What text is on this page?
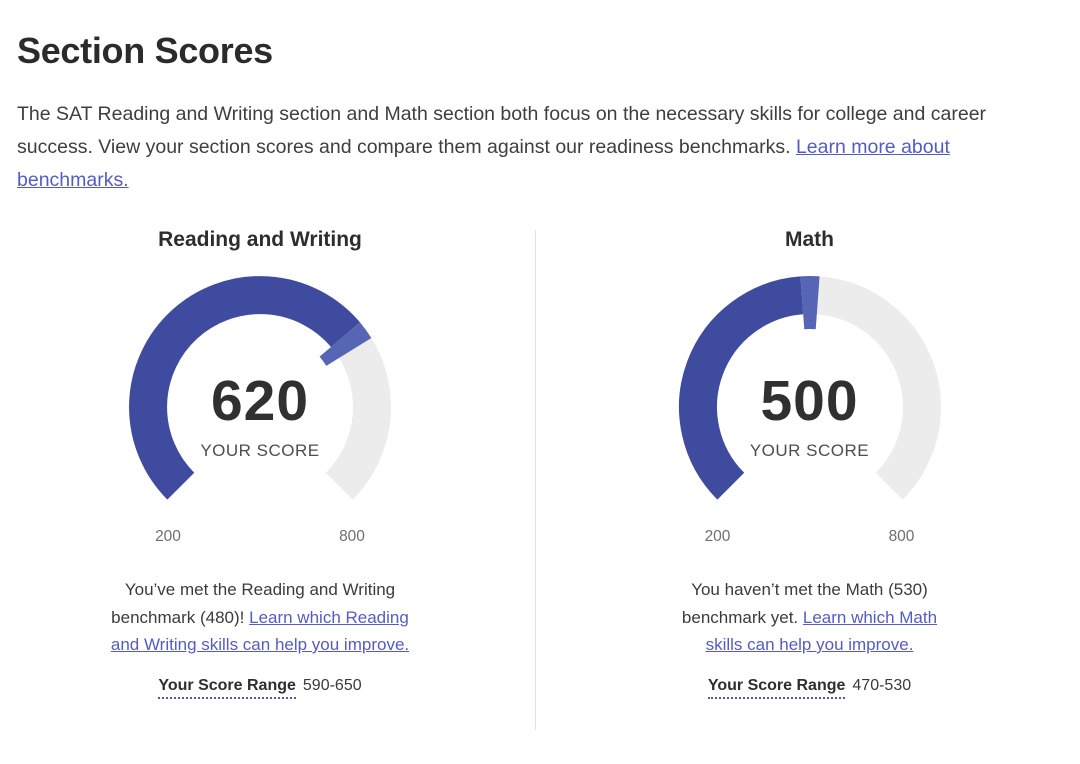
Section Scores

The SAT Reading and Writing section and Math section both focus on the necessary skills for college and career success. View your section scores and compare them against our readiness benchmarks. Learn more about benchmarks.

Reading and Writing
620
YOUR SCORE
200	800

You’ve met the Reading and Writing benchmark (480)! Learn which Reading and Writing skills can help you improve.

Your Score Range 590-650
Math
500
YOUR SCORE
200	800

You haven’t met the Math (530) benchmark yet. Learn which Math skills can help you improve.

Your Score Range 470-530
